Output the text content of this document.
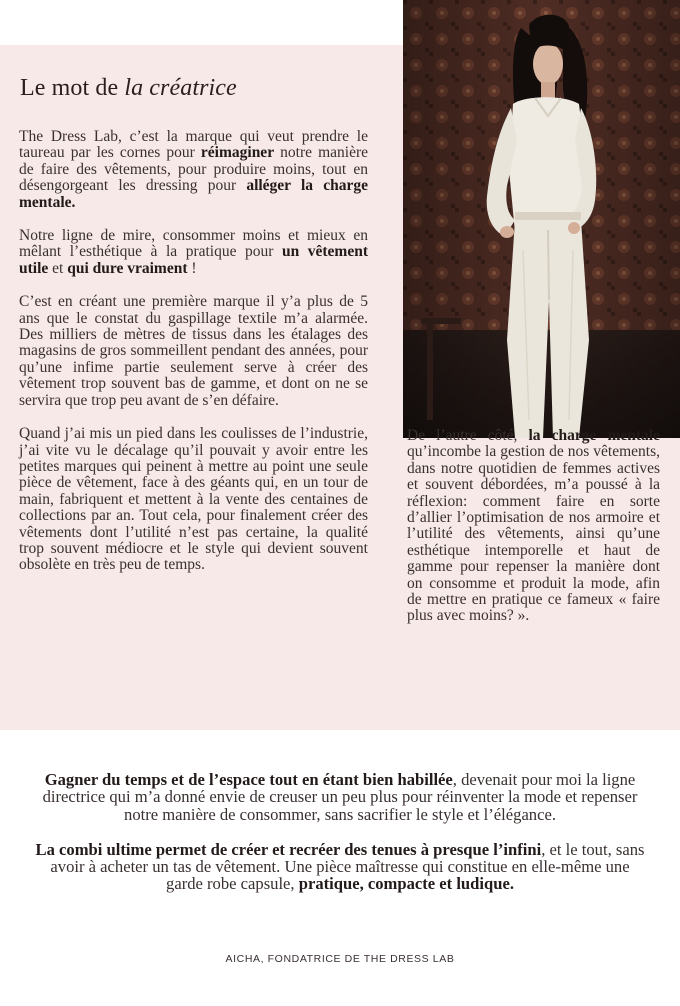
Le mot de la créatrice

The Dress Lab, c’est la marque qui veut prendre le taureau par les cornes pour réimaginer notre manière de faire des vêtements, pour produire moins, tout en désengorgeant les dressing pour alléger la charge mentale.

Notre ligne de mire, consommer moins et mieux en mêlant l’esthétique à la pratique pour un vêtement utile et qui dure vraiment !

C’est en créant une première marque il y’a plus de 5 ans que le constat du gaspillage textile m’a alarmée. Des milliers de mètres de tissus dans les étalages des magasins de gros sommeillent pendant des années, pour qu’une infime partie seulement serve à créer des vêtement trop souvent bas de gamme, et dont on ne se servira que trop peu avant de s’en défaire.

Quand j’ai mis un pied dans les coulisses de l’industrie, j’ai vite vu le décalage qu’il pouvait y avoir entre les petites marques qui peinent à mettre au point une seule pièce de vêtement, face à des géants qui, en un tour de main, fabriquent et mettent à la vente des centaines de collections par an. Tout cela, pour finalement créer des vêtements dont l’utilité n’est pas certaine, la qualité trop souvent médiocre et le style qui devient souvent obsolète en très peu de temps.

De l’autre côté, la charge mentale qu’incombe la gestion de nos vêtements, dans notre quotidien de femmes actives et souvent débordées, m’a poussé à la réflexion: comment faire en sorte d’allier l’optimisation de nos armoire et l’utilité des vêtements, ainsi qu’une esthétique intemporelle et haut de gamme pour repenser la manière dont on consomme et produit la mode, afin de mettre en pratique ce fameux « faire plus avec moins? ».

Gagner du temps et de l’espace tout en étant bien habillée, devenait pour moi la ligne directrice qui m’a donné envie de creuser un peu plus pour réinventer la mode et repenser notre manière de consommer, sans sacrifier le style et l’élégance.

La combi ultime permet de créer et recréer des tenues à presque l’infini, et le tout, sans avoir à acheter un tas de vêtement. Une pièce maîtresse qui constitue en elle-même une garde robe capsule, pratique, compacte et ludique.

AICHA, FONDATRICE DE THE DRESS LAB
